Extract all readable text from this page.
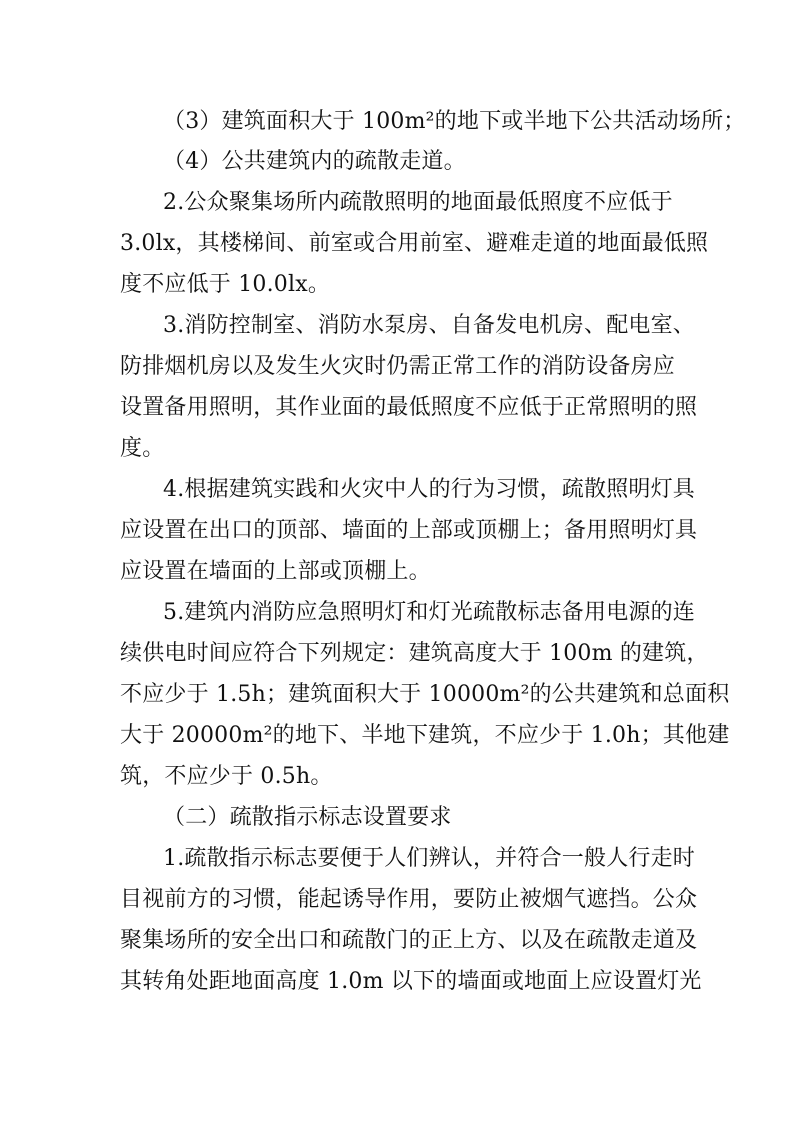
（3）建筑面积大于 100m²的地下或半地下公共活动场所；
（4）公共建筑内的疏散走道。
2.公众聚集场所内疏散照明的地面最低照度不应低于
3.0lx，其楼梯间、前室或合用前室、避难走道的地面最低照
度不应低于 10.0lx。
3.消防控制室、消防水泵房、自备发电机房、配电室、
防排烟机房以及发生火灾时仍需正常工作的消防设备房应
设置备用照明，其作业面的最低照度不应低于正常照明的照
度。
4.根据建筑实践和火灾中人的行为习惯，疏散照明灯具
应设置在出口的顶部、墙面的上部或顶棚上；备用照明灯具
应设置在墙面的上部或顶棚上。
5.建筑内消防应急照明灯和灯光疏散标志备用电源的连
续供电时间应符合下列规定：建筑高度大于 100m 的建筑，
不应少于 1.5h；建筑面积大于 10000m²的公共建筑和总面积
大于 20000m²的地下、半地下建筑，不应少于 1.0h；其他建
筑，不应少于 0.5h。
（二）疏散指示标志设置要求
1.疏散指示标志要便于人们辨认，并符合一般人行走时
目视前方的习惯，能起诱导作用，要防止被烟气遮挡。公众
聚集场所的安全出口和疏散门的正上方、以及在疏散走道及
其转角处距地面高度 1.0m 以下的墙面或地面上应设置灯光
